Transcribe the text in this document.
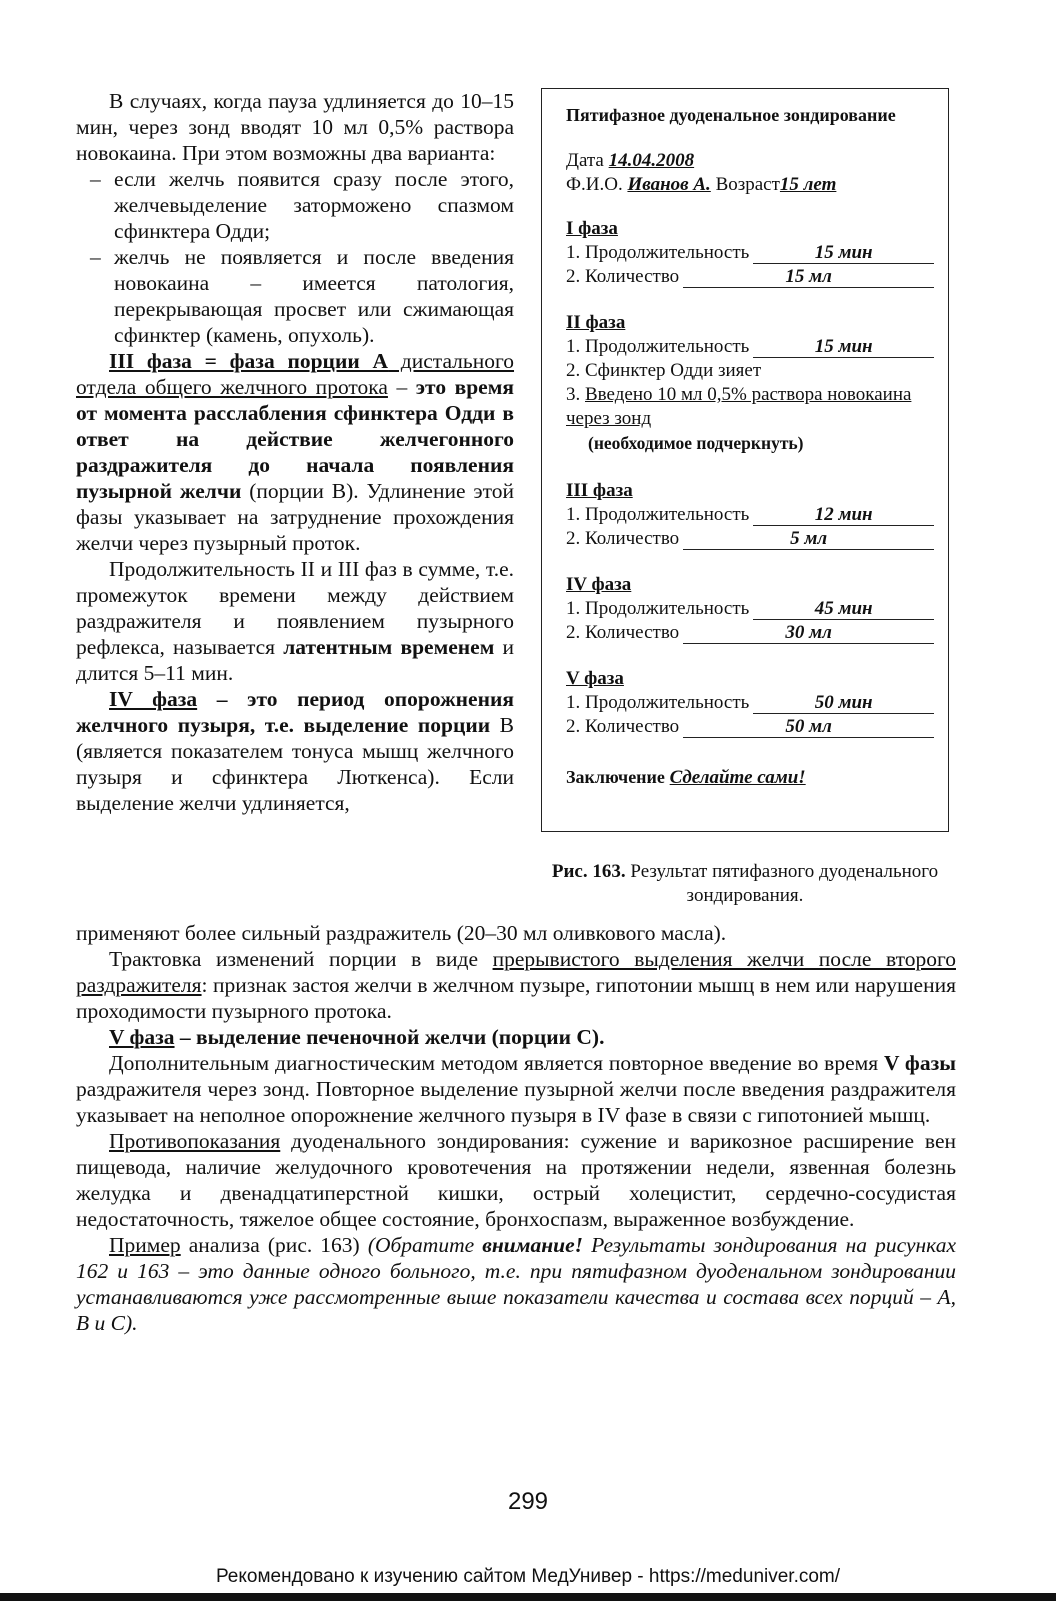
В случаях, когда пауза удлиняется до 10–15 мин, через зонд вводят 10 мл 0,5% раствора новокаина. При этом возможны два варианта:

– если желчь появится сразу после этого, желчевыделение заторможено спазмом сфинктера Одди;
– желчь не появляется и после введения новокаина – имеется патология, перекрывающая просвет или сжимающая сфинктер (камень, опухоль).

III фаза = фаза порции А дистального отдела общего желчного протока – это время от момента расслабления сфинктера Одди в ответ на действие желчегонного раздражителя до начала появления пузырной желчи (порции В). Удлинение этой фазы указывает на затруднение прохождения желчи через пузырный проток.

Продолжительность II и III фаз в сумме, т.е. промежуток времени между действием раздражителя и появлением пузырного рефлекса, называется латентным временем и длится 5–11 мин.

IV фаза – это период опорожнения желчного пузыря, т.е. выделение порции В (является показателем тонуса мышц желчного пузыря и сфинктера Люткенса). Если выделение желчи удлиняется,

Пятифазное дуоденальное зондирование

Дата 14.04.2008

Ф.И.О. Иванов А. Возраст15 лет

I фаза

1. Продолжительность	15 мин
2. Количество	15 мл

II фаза

1. Продолжительность	15 мин

2. Сфинктер Одди зияет

3. Введено 10 мл 0,5% раствора новокаина через зонд

(необходимое подчеркнуть)

III фаза

1. Продолжительность	12 мин
2. Количество	5 мл

IV фаза

1. Продолжительность	45 мин
2. Количество	30 мл

V фаза

1. Продолжительность	50 мин
2. Количество	50 мл

Заключение Сделайте сами!

Рис. 163. Результат пятифазного дуоденального зондирования.

применяют более сильный раздражитель (20–30 мл оливкового масла).

Трактовка изменений порции в виде прерывистого выделения желчи после второго раздражителя: признак застоя желчи в желчном пузыре, гипотонии мышц в нем или нарушения проходимости пузырного протока.

V фаза – выделение печеночной желчи (порции С).

Дополнительным диагностическим методом является повторное введение во время V фазы раздражителя через зонд. Повторное выделение пузырной желчи после введения раздражителя указывает на неполное опорожнение желчного пузыря в IV фазе в связи с гипотонией мышц.

Противопоказания дуоденального зондирования: сужение и варикозное расширение вен пищевода, наличие желудочного кровотечения на протяжении недели, язвенная болезнь желудка и двенадцатиперстной кишки, острый холецистит, сердечно-сосудистая недостаточность, тяжелое общее состояние, бронхоспазм, выраженное возбуждение.

Пример анализа (рис. 163) (Обратите внимание! Результаты зондирования на рисунках 162 и 163 – это данные одного больного, т.е. при пятифазном дуоденальном зондировании устанавливаются уже рассмотренные выше показатели качества и состава всех порций – А, В и С).

299
Рекомендовано к изучению сайтом МедУнивер - https://meduniver.com/
